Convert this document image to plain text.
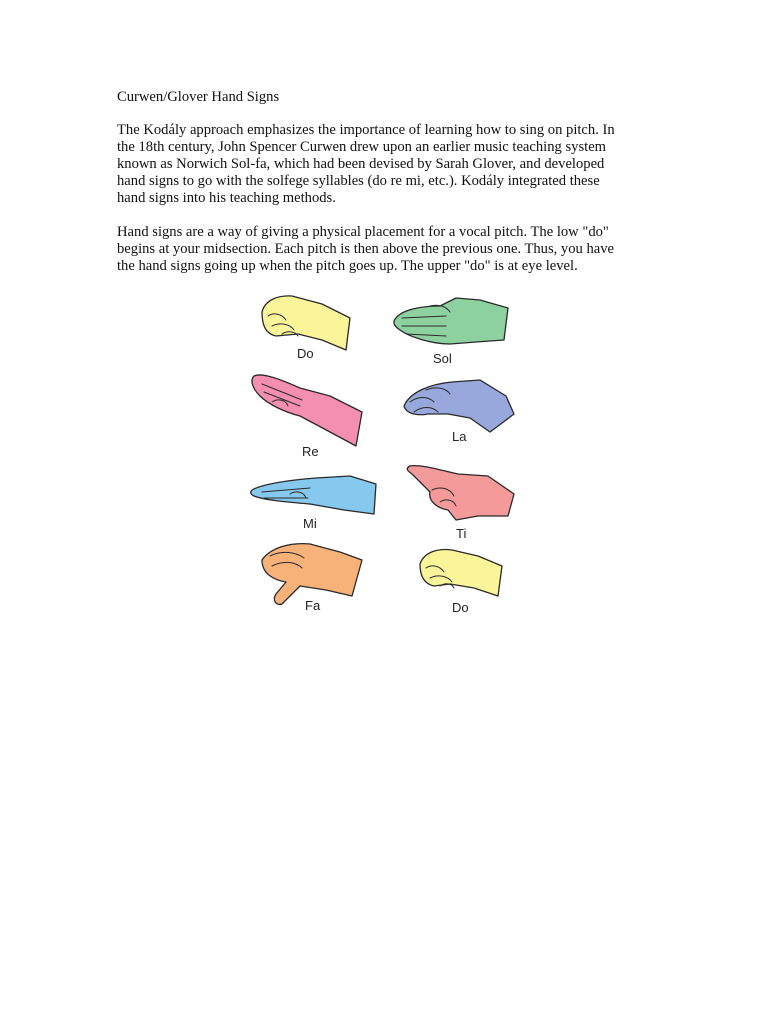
Curwen/Glover Hand Signs

The Kodály approach emphasizes the importance of learning how to sing on pitch. In
the 18th century, John Spencer Curwen drew upon an earlier music teaching system
known as Norwich Sol-fa, which had been devised by Sarah Glover, and developed
hand signs to go with the solfege syllables (do re mi, etc.). Kodály integrated these
hand signs into his teaching methods.

Hand signs are a way of giving a physical placement for a vocal pitch. The low "do"
begins at your midsection. Each pitch is then above the previous one. Thus, you have
the hand signs going up when the pitch goes up. The upper "do" is at eye level.

Do
Re
Mi
Fa
Sol
La
Ti
Do
